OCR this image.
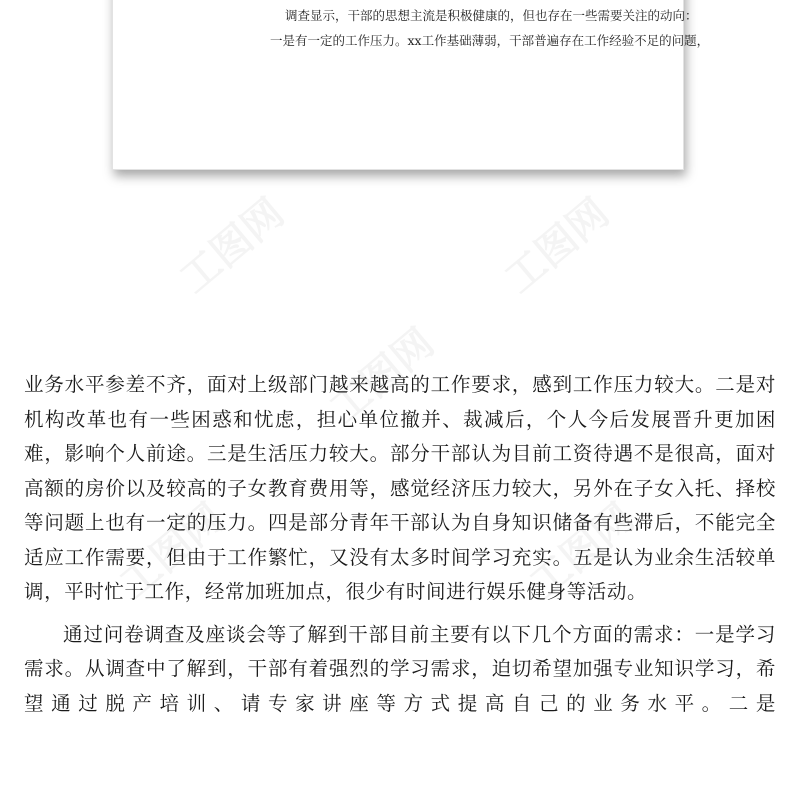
调查显示，干部的思想主流是积极健康的，但也存在一些需要关注的动向：
一是有一定的工作压力。xx工作基础薄弱，干部普遍存在工作经验不足的问题，

业务水平参差不齐，面对上级部门越来越高的工作要求，感到工作压力较大。二是对机构改革也有一些困惑和忧虑，担心单位撤并、裁减后，个人今后发展晋升更加困难，影响个人前途。三是生活压力较大。部分干部认为目前工资待遇不是很高，面对高额的房价以及较高的子女教育费用等，感觉经济压力较大，另外在子女入托、择校等问题上也有一定的压力。四是部分青年干部认为自身知识储备有些滞后，不能完全适应工作需要，但由于工作繁忙，又没有太多时间学习充实。五是认为业余生活较单调，平时忙于工作，经常加班加点，很少有时间进行娱乐健身等活动。

通过问卷调查及座谈会等了解到干部目前主要有以下几个方面的需求：一是学习需求。从调查中了解到，干部有着强烈的学习需求，迫切希望加强专业知识学习，希望通过脱产培训、请专家讲座等方式提高自己的业务水平。二是
